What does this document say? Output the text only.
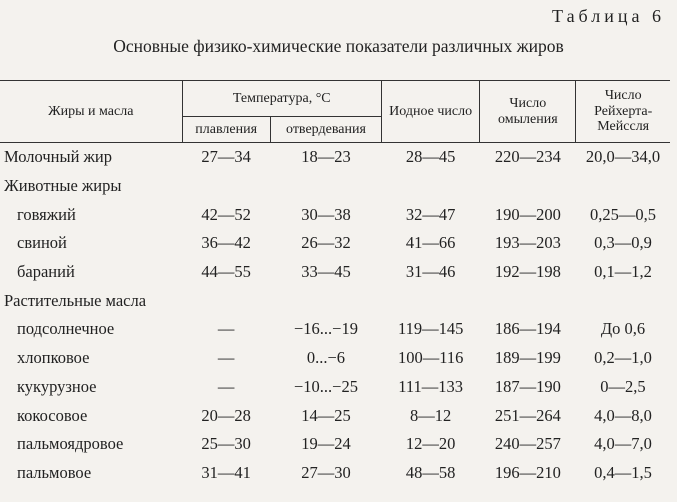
Таблица 6
Основные физико-химические показатели различных жиров
Жиры и масла	Температура, °С		Иодное число	Число омыления	Число Рейхерта-Мейссля
	плавления	отвердевания			
Молочный жир	27—34	18—23	28—45	220—234	20,0—34,0
Животные жиры					
говяжий	42—52	30—38	32—47	190—200	0,25—0,5
свиной	36—42	26—32	41—66	193—203	0,3—0,9
бараний	44—55	33—45	31—46	192—198	0,1—1,2
Растительные масла					
подсолнечное	—	−16...−19	119—145	186—194	До 0,6
хлопковое	—	0...−6	100—116	189—199	0,2—1,0
кукурузное	—	−10...−25	111—133	187—190	0—2,5
кокосовое	20—28	14—25	8—12	251—264	4,0—8,0
пальмоядровое	25—30	19—24	12—20	240—257	4,0—7,0
пальмовое	31—41	27—30	48—58	196—210	0,4—1,5
